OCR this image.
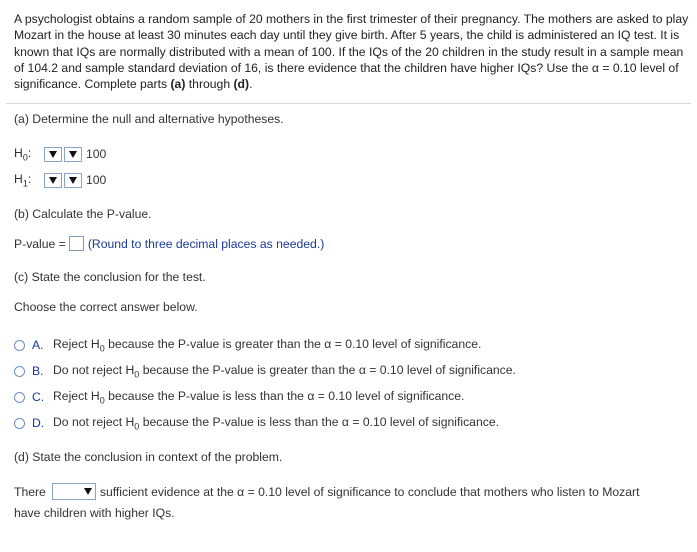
A psychologist obtains a random sample of 20 mothers in the first trimester of their pregnancy. The mothers are asked to play Mozart in the house at least 30 minutes each day until they give birth. After 5 years, the child is administered an IQ test. It is known that IQs are normally distributed with a mean of 100. If the IQs of the 20 children in the study result in a sample mean of 104.2 and sample standard deviation of 16, is there evidence that the children have higher IQs? Use the α = 0.10 level of significance. Complete parts (a) through (d).
(a) Determine the null and alternative hypotheses.
$H_0$:	100
$H_1$:	100
(b) Calculate the P-value.
P-value = (Round to three decimal places as needed.)
(c) State the conclusion for the test.
Choose the correct answer below.
A. Reject $H_0$ because the P-value is greater than the α = 0.10 level of significance.
B. Do not reject $H_0$ because the P-value is greater than the α = 0.10 level of significance.
C. Reject $H_0$ because the P-value is less than the α = 0.10 level of significance.
D. Do not reject $H_0$ because the P-value is less than the α = 0.10 level of significance.
(d) State the conclusion in context of the problem.
There	sufficient evidence at the α = 0.10 level of significance to conclude that mothers who listen to Mozart
have children with higher IQs.
